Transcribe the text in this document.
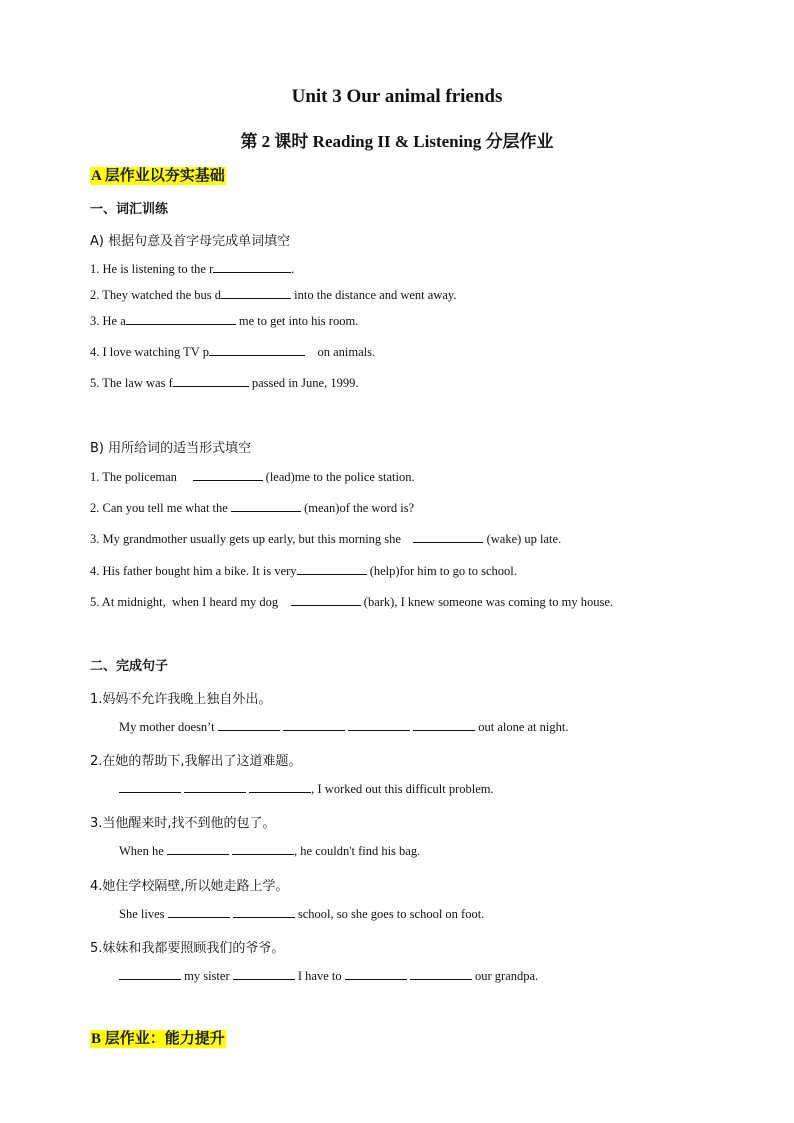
Unit 3 Our animal friends
第 2 课时 Reading II & Listening 分层作业
A 层作业以夯实基础
一、词汇训练
A) 根据句意及首字母完成单词填空
1. He is listening to the r	.
2. They watched the bus d	into the distance and went away.
3. He a	me to get into his room.
4. I love watching TV p	on animals.
5. The law was f	passed in June, 1999.
B) 用所给词的适当形式填空
1. The policeman	(lead)me to the police station.
2. Can you tell me what the	(mean)of the word is?
3. My grandmother usually gets up early, but this morning she	(wake) up late.
4. His father bought him a bike. It is very	(help)for him to go to school.
5. At midnight,  when I heard my dog	(bark), I knew someone was coming to my house.
二、完成句子
1.妈妈不允许我晚上独自外出。
My mother doesn’t	out alone at night.
2.在她的帮助下,我解出了这道难题。
, I worked out this difficult problem.
3.当他醒来时,找不到他的包了。
When he	, he couldn't find his bag.
4.她住学校隔壁,所以她走路上学。
She lives	school, so she goes to school on foot.
5.妹妹和我都要照顾我们的爷爷。
my sister	I have to	our grandpa.
B 层作业：能力提升
